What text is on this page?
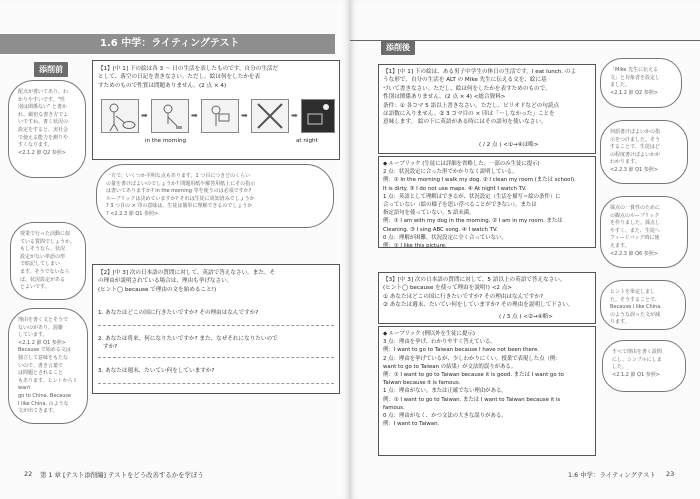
1.6 中学：ライティングテスト
添削前
配点が書いてあり、わ
かりやすいです。"性
別は関係ない" と書か
れ、厳密な書き方でよ
いですね。書く状況の
設定をすると、実社会
で使える能力を測りや
すくなります。
<2.1.2 節 Q2 参照>
【1】[中 1] 下の絵は各 3 ～ 日の生活を表したものです。自分の生活だ
として、落空の日記を書きなさい。ただし、絵は何をしたかを表
すためのもので性質は問題ありません。(2 点 × 4)
➡	➡	➡	➡
in the morning	at night
一方で、いくつか平明な点もあります。1 つ目につきどのくらい
の量を書けばよいのでしょうか? 問題用紙や解答用紙上にその指示
は書いてありますか? in the morning 等を使うのは必須ですか?
ルーブリックは決めていますか? それは生徒に周知済みでしょうか
? 3 つ目の × 印の意味は、生徒は簡単に理解できるのでしょうか
? <2.2.3 節 Q1 参照>
授業で行った活動に似
ている質問でしょうか。
もしそうなら、状況
設定がない単語の形
で暗記してしまい
ます。そうでないなら
ば、状況設定がある
とよいです。
【2】[中 3] 次の日本語の質問に対して、英語で答えなさい。また、そ
の理由が説明されている場合は、理由も挙げなさい。
(ヒント◯ because で理由の文を始めること!)
1. あなたはどこの国に行きたいですか? その理由はなんですか?
2. あなたは将来、何になりたいですか? また、なぜそれになりたいので
すか?
3. あなたは週末、たいてい何をしていますか?
理由を書く文とそうで
ないのがあり、混雑
しています。
<2.1.2 節 Q1 参照>
Because で始める文は
独立して意味をもたな
いので、書き言葉で
は問題とされること
もあります。ヒントから I want
go to China. Because
I like China. のような
文が出てきます。
22 第 1 章 [テスト添削編] テストをどう改善するかを学ぼう
添削後
【1】[中 1] 下の絵は、ある男子中学生の休日の生活です。I eat lunch. のよ
うな形で、自分の生活を ALT の Mike 先生に伝える文を、絵に基
づいて書きなさい。ただし、絵は何をしたかを表すためのもので、
性別は関係ありません。(2 点 × 4) <総合資料>
条件：① 各コマ 5 語以上書きなさい。ただし、ピリオドなどの句読点
は語数に入りません。② 3 コマ目の × 印は「～しなかった」ことを
意味します。 絵の下に英語がある時にはその語句を使いなさい。
( / 2 点 ) <①→④は略>
◆ ルーブリック (生徒には詳細を省略した、一部のみ生徒に提示)
2 点：状況設定に合った形でかかりなく説明している。
例：① In the morning I walk my dog. ② I clean my room (または school).
It is dirty. ③ I do not use maps. ④ At night I watch TV.
1 点：英語として理解はできるが、状況設定（生活を描写＝絵の条件）に
合っていない（絵の様子を思い浮べることができない）。または
指定語句を使っていない。5 語未満。
例：① I am with my dog in the morning. ② I am in my room. または
Cleaning. ③ I sing ABC song. ④ I watch TV.
0 点：理解が困難。状況設定に全く合っていない。
例：① I like this picture.
【3】[中 3] 次の日本語の質問に対して、5 語以上の英語で答えなさい。
(ヒント◯ because を使って理由を説明!) <2 点>
① あなたはどこの国に行きたいですか? その理由はなんですか?
② あなたは週末、たいてい何をしていますか? その理由を説明して下さい。
( / 3 点 ) <②→④略>
◆ ルーブリック (例以外を生徒に提示)
3 点：理由を挙げ、わかりやすく答えている。
例：I want to go to Taiwan because I have not been there.
2 点：理由を挙げているが、少しわかりにくい。授業で表現した点（例：
want to go to Taiwan の結果）が文法的誤りがある。
例：① I want to go to Taiwan because it is good. または I want go to
Taiwan because it is famous.
1 点：理由がない。または正確でない理由がある。
例：① I want to go to Taiwan. または I want to Taiwan because it is
famous.
0 点：理由がなく、かつ文法の大きな誤りがある。
例：I want to Taiwan.
「Mike 先生に伝える
文」と対象者を設定し
ました。
<2.1.2 節 Q2 参照>
何語書けばよいかの指
示をつけました。そう
することで、生徒はど
の程度書けばよいかが
わかります。
<2.2.3 節 Q1 参照>
採点の一貫性のために
の観点のルーブリック
を作りました。採点し
やすく、また、生徒へ
フィードバック時に使
えます。
<2.2.3 節 Q6 参照>
ヒントを単定しまし
た。そうすることで、
Because I like China.
のような誤った文が減
ります。
すべて理由を書く設問
にし、シンプルにしま
した。
<2.1.2 節 Q1 参照>
1.6 中学：ライティングテスト 23
